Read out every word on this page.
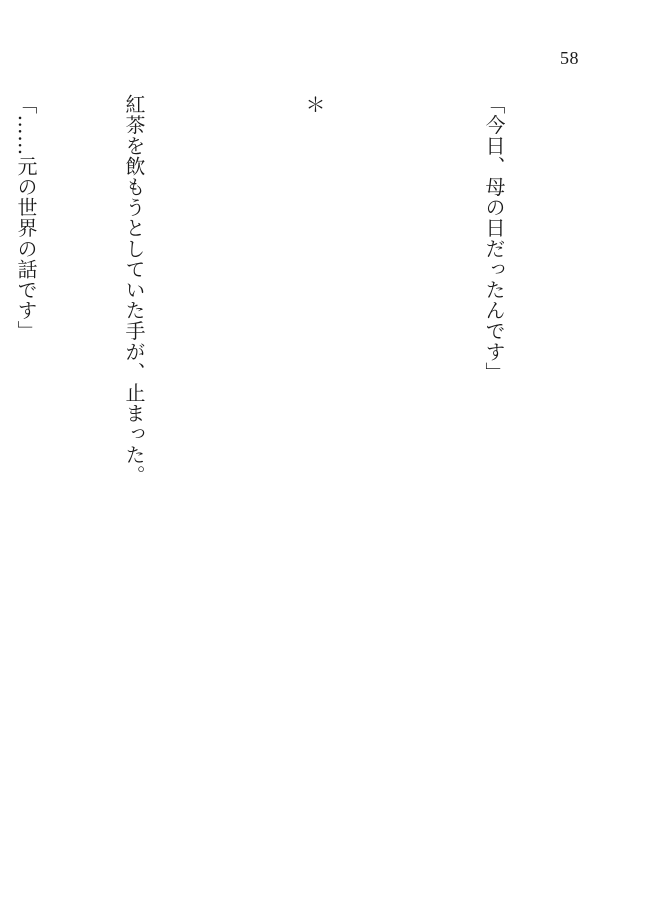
58

「今日、母の日だったんです」

＊

紅茶を飲もうとしていた手が、止まった。

「……元の世界の話です」
